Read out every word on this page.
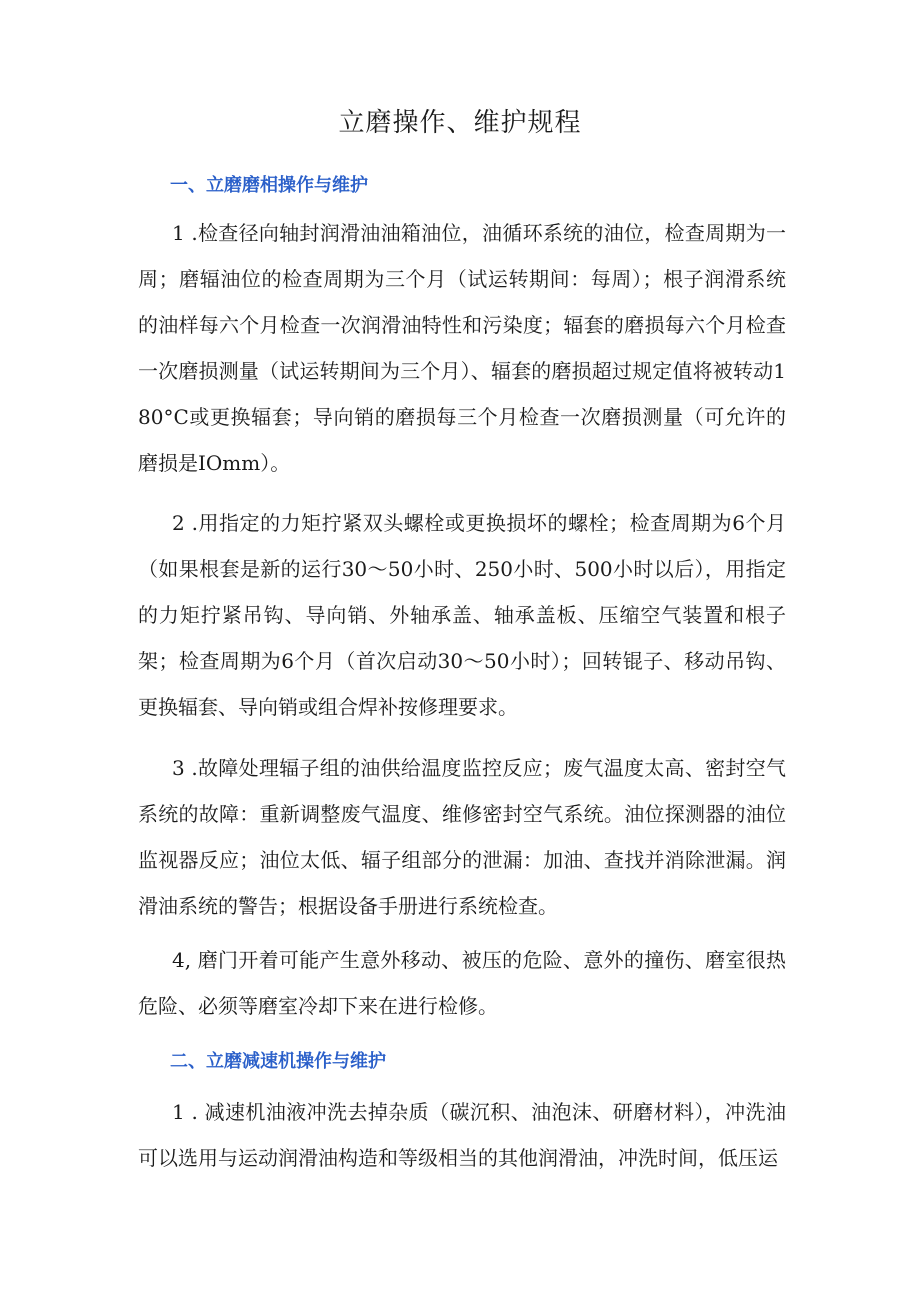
立磨操作、维护规程
一、立磨磨相操作与维护

1 .检查径向轴封润滑油油箱油位，油循环系统的油位，检查周期为一周；磨辐油位的检查周期为三个月（试运转期间：每周）；根子润滑系统的油样每六个月检查一次润滑油特性和污染度；辐套的磨损每六个月检查一次磨损测量（试运转期间为三个月）、辐套的磨损超过规定值将被转动180°C或更换辐套；导向销的磨损每三个月检查一次磨损测量（可允许的磨损是IOmm）。

2 .用指定的力矩拧紧双头螺栓或更换损坏的螺栓；检查周期为6个月（如果根套是新的运行30～50小时、250小时、500小时以后），用指定的力矩拧紧吊钩、导向销、外轴承盖、轴承盖板、压缩空气装置和根子架；检查周期为6个月（首次启动30～50小时）；回转锟子、移动吊钩、更换辐套、导向销或组合焊补按修理要求。

3 .故障处理辐子组的油供给温度监控反应；废气温度太高、密封空气系统的故障：重新调整废气温度、维修密封空气系统。油位探测器的油位监视器反应；油位太低、辐子组部分的泄漏：加油、查找并消除泄漏。润滑油系统的警告；根据设备手册进行系统检查。

4, 磨门开着可能产生意外移动、被压的危险、意外的撞伤、磨室很热危险、必须等磨室冷却下来在进行检修。

二、立磨减速机操作与维护

1 . 减速机油液冲洗去掉杂质（碳沉积、油泡沫、研磨材料），冲洗油可以选用与运动润滑油构造和等级相当的其他润滑油，冲洗时间，低压运
